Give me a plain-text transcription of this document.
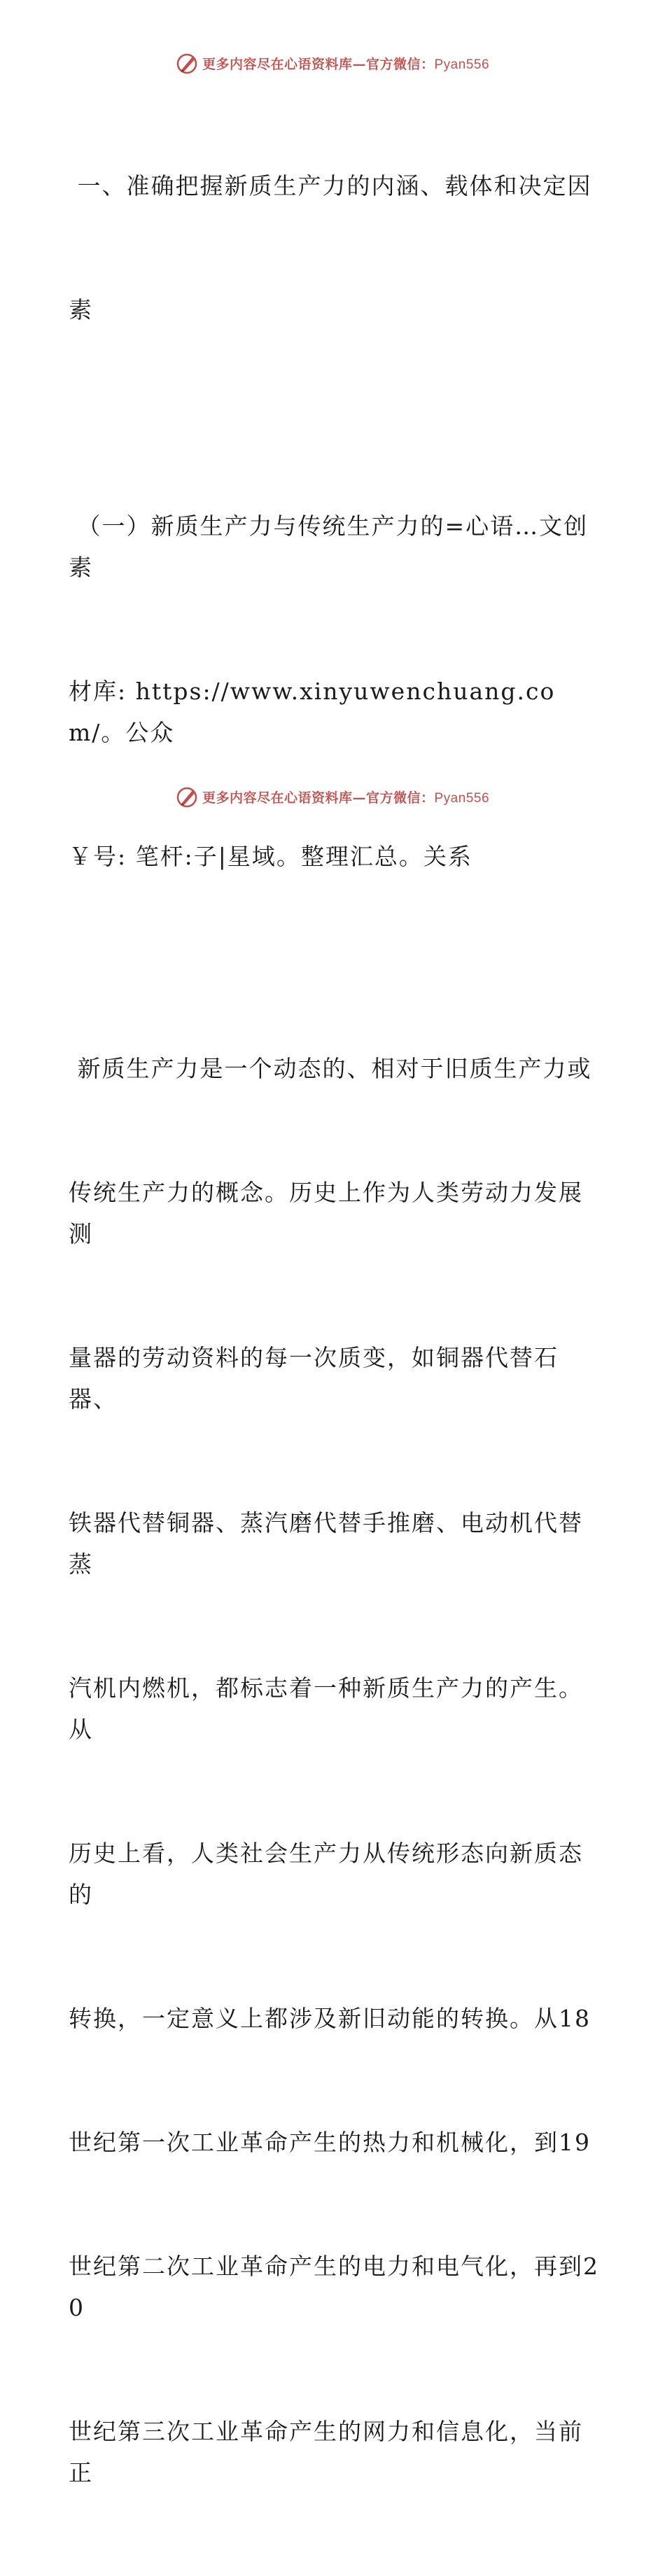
更多内容尽在心语资料库—官方微信：Pyan556

一、准确把握新质生产力的内涵、载体和决定因

素

（一）新质生产力与传统生产力的=心语…文创素

材库: https://www.xinyuwenchuang.com/。公众

￥号: 笔杆:子|星域。整理汇总。关系

新质生产力是一个动态的、相对于旧质生产力或

传统生产力的概念。历史上作为人类劳动力发展测

量器的劳动资料的每一次质变，如铜器代替石器、

铁器代替铜器、蒸汽磨代替手推磨、电动机代替蒸

汽机内燃机，都标志着一种新质生产力的产生。从

历史上看，人类社会生产力从传统形态向新质态的

转换，一定意义上都涉及新旧动能的转换。从18

世纪第一次工业革命产生的热力和机械化，到19

世纪第二次工业革命产生的电力和电气化，再到20

世纪第三次工业革命产生的网力和信息化，当前正

更多内容尽在心语资料库—官方微信：Pyan556
